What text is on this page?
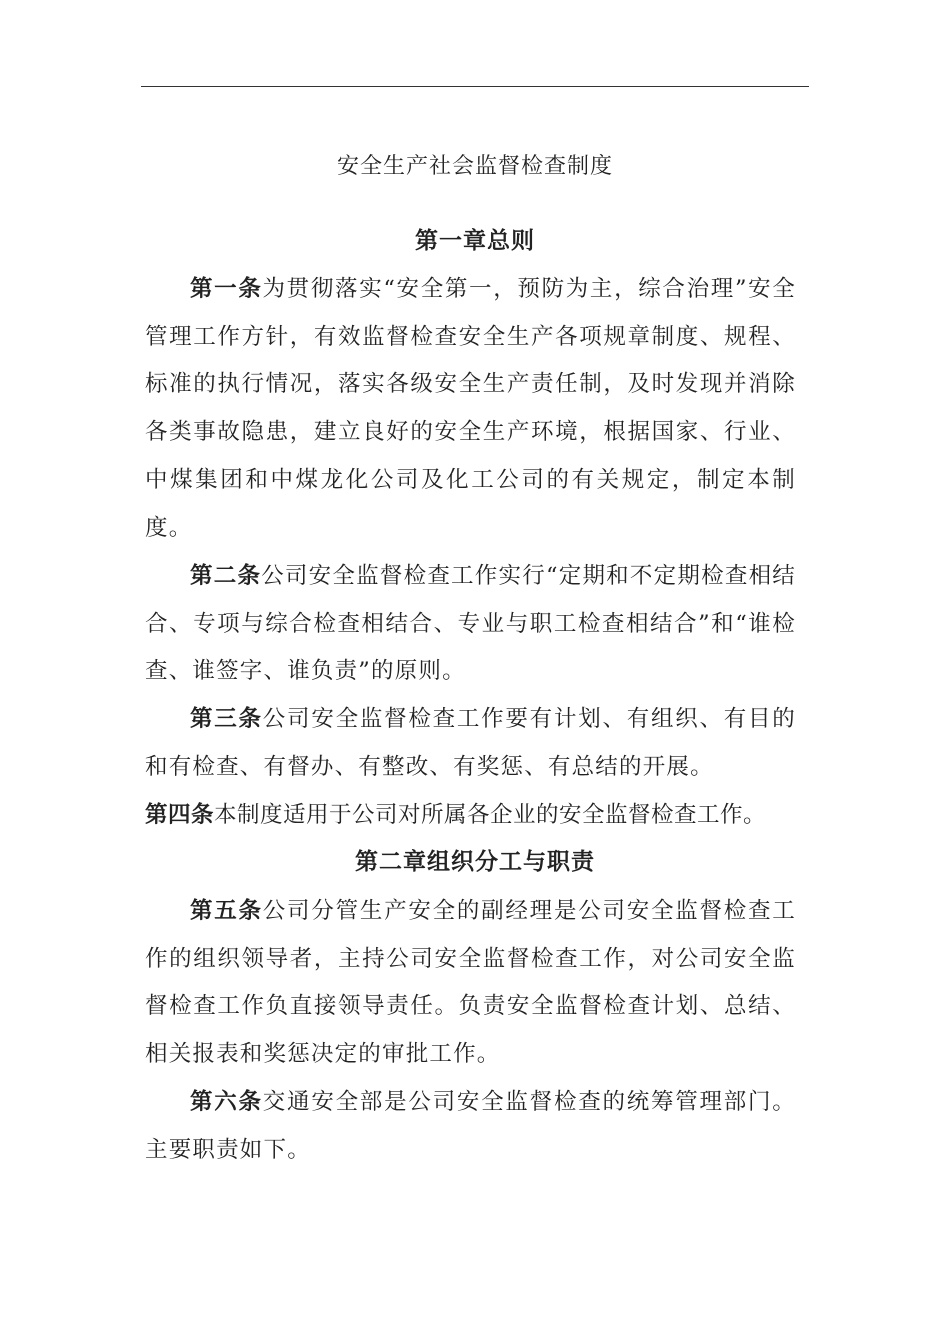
安全生产社会监督检查制度
第一章总则

第一条为贯彻落实“安全第一，预防为主，综合治理”安全管理工作方针，有效监督检查安全生产各项规章制度、规程、标准的执行情况，落实各级安全生产责任制，及时发现并消除各类事故隐患，建立良好的安全生产环境，根据国家、行业、中煤集团和中煤龙化公司及化工公司的有关规定，制定本制度。

第二条公司安全监督检查工作实行“定期和不定期检查相结合、专项与综合检查相结合、专业与职工检查相结合”和“谁检查、谁签字、谁负责”的原则。

第三条公司安全监督检查工作要有计划、有组织、有目的和有检查、有督办、有整改、有奖惩、有总结的开展。

第四条本制度适用于公司对所属各企业的安全监督检查工作。

第二章组织分工与职责

第五条公司分管生产安全的副经理是公司安全监督检查工作的组织领导者，主持公司安全监督检查工作，对公司安全监督检查工作负直接领导责任。负责安全监督检查计划、总结、相关报表和奖惩决定的审批工作。

第六条交通安全部是公司安全监督检查的统筹管理部门。主要职责如下。
